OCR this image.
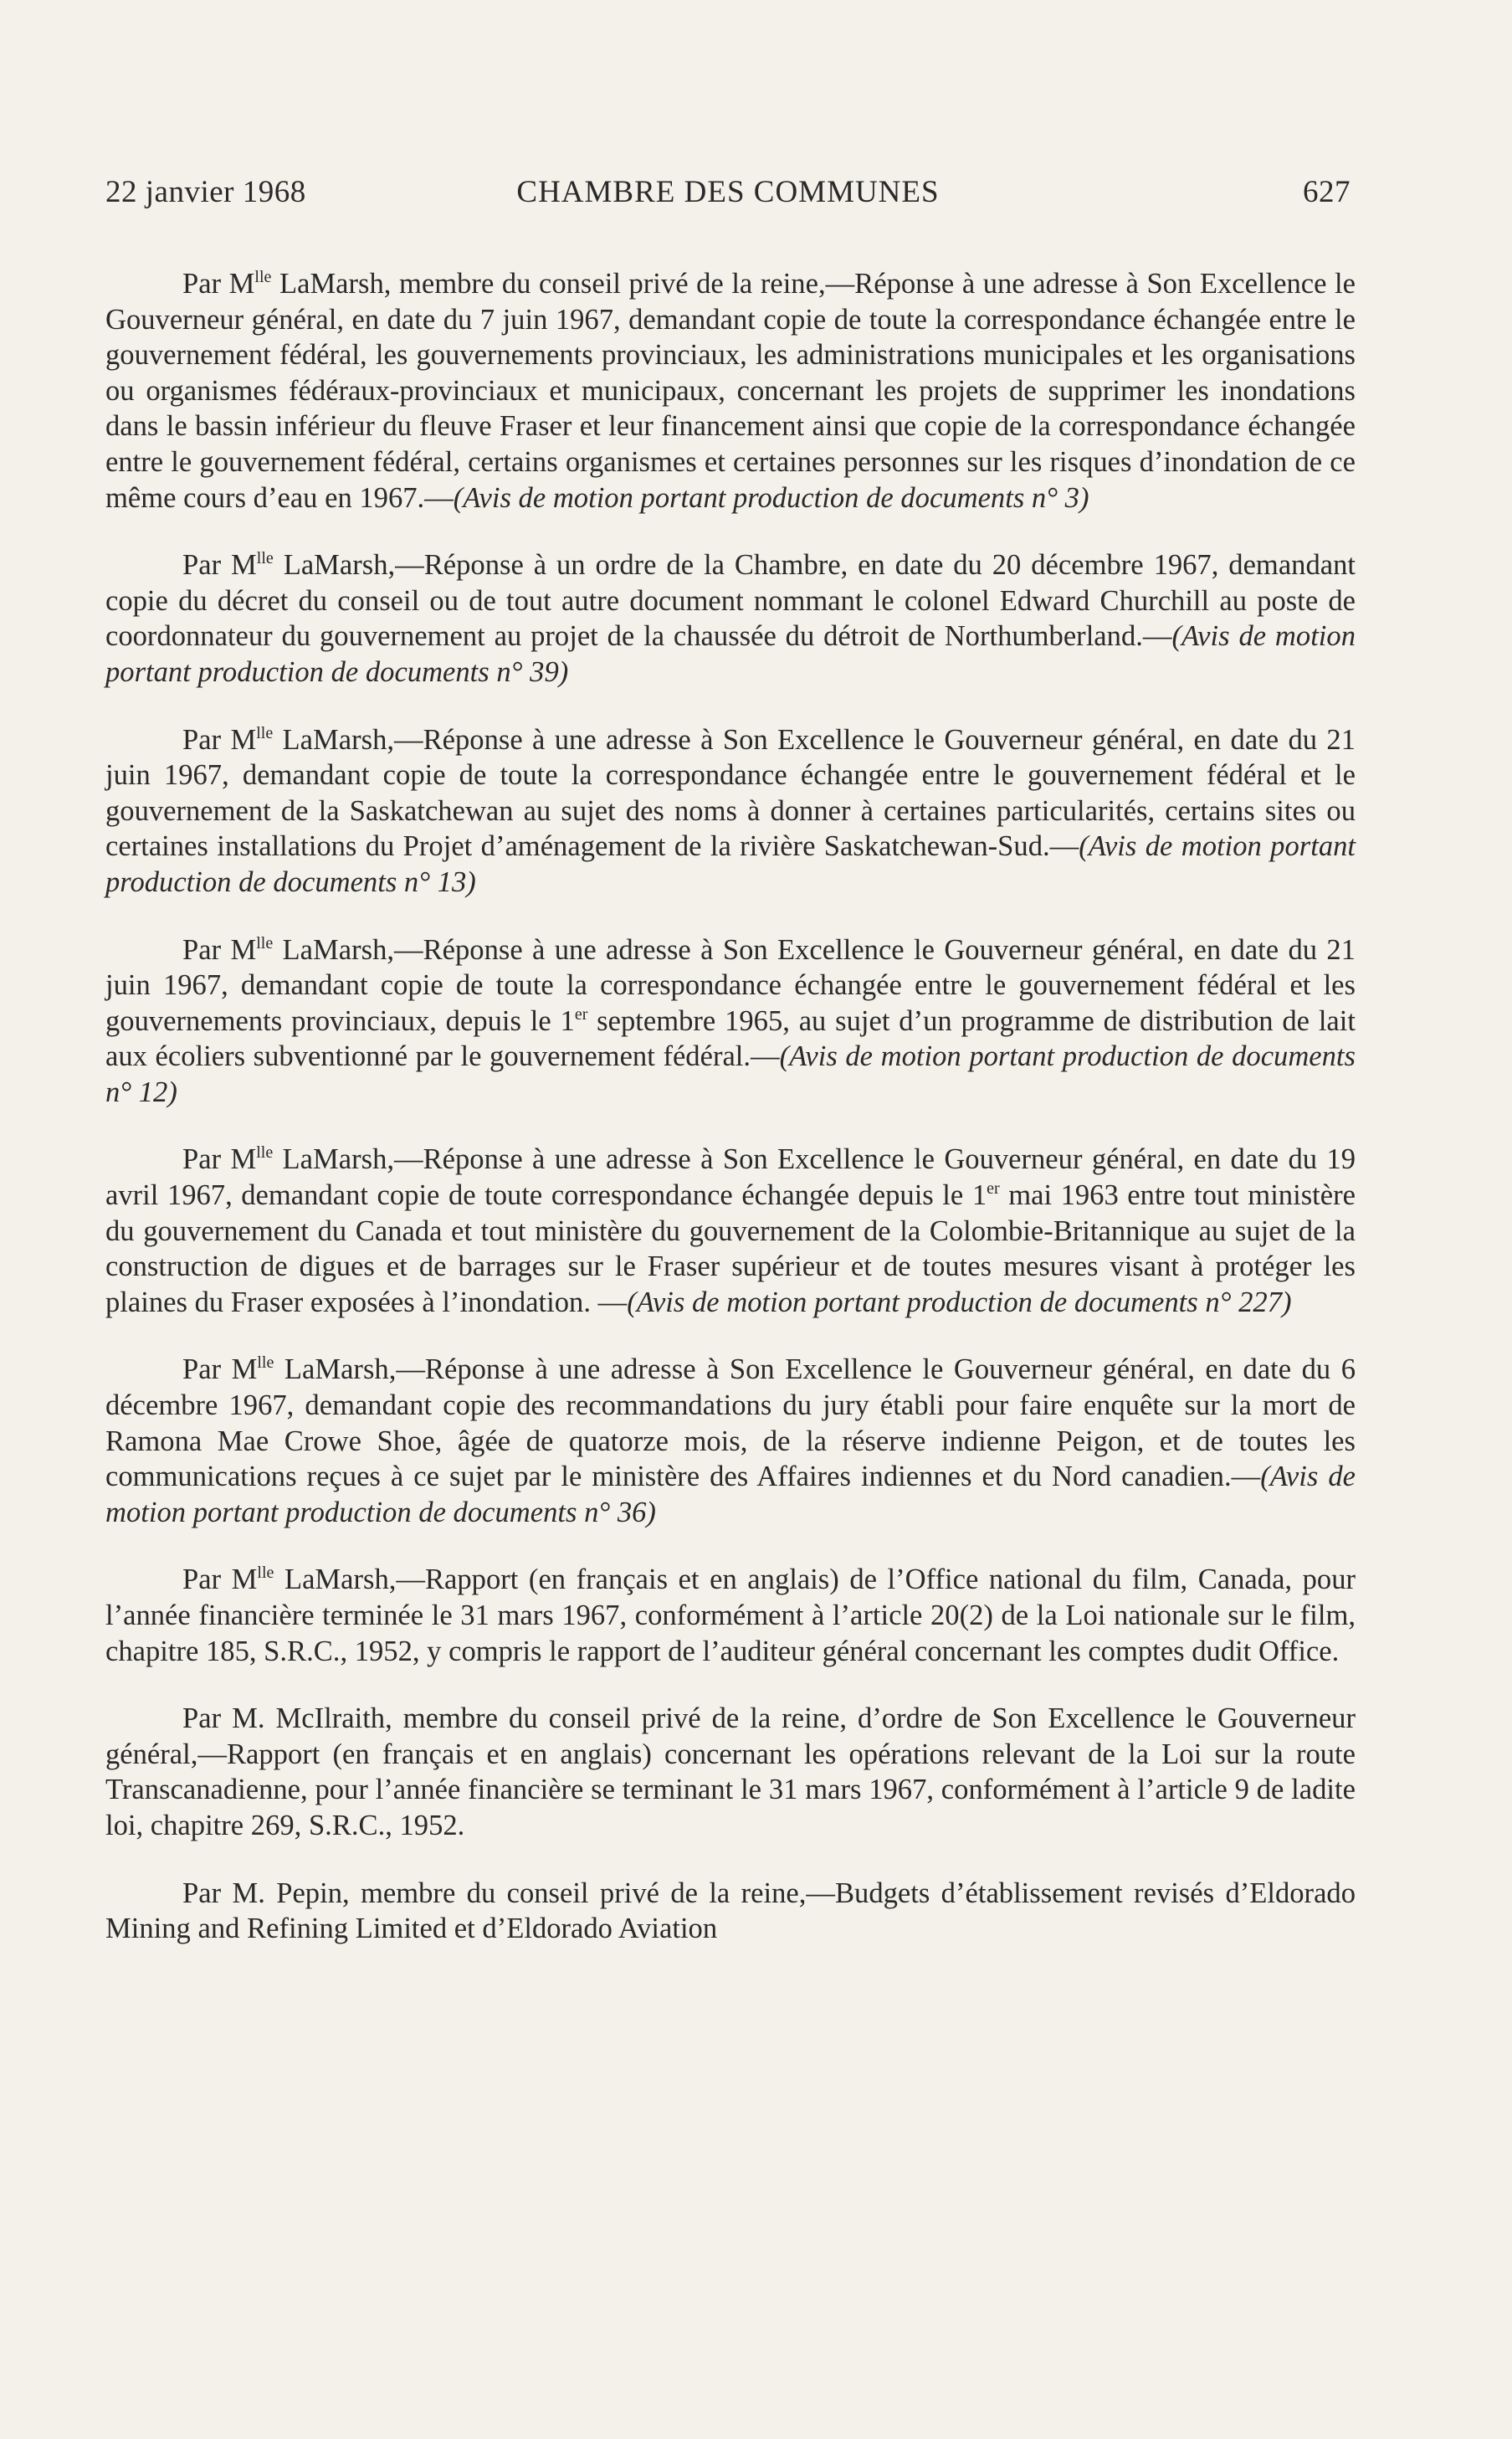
22 janvier 1968	CHAMBRE DES COMMUNES	627

Par $M^{lle}$ LaMarsh, membre du conseil privé de la reine,—Réponse à une adresse à Son Excellence le Gouverneur général, en date du 7 juin 1967, demandant copie de toute la correspondance échangée entre le gouvernement fédéral, les gouvernements provinciaux, les administrations municipales et les organisations ou organismes fédéraux-provinciaux et municipaux, concernant les projets de supprimer les inondations dans le bassin inférieur du fleuve Fraser et leur financement ainsi que copie de la correspondance échangée entre le gouvernement fédéral, certains organismes et certaines personnes sur les risques d’inondation de ce même cours d’eau en 1967.—(Avis de motion portant production de documents n° 3)

Par $M^{lle}$ LaMarsh,—Réponse à un ordre de la Chambre, en date du 20 décembre 1967, demandant copie du décret du conseil ou de tout autre document nommant le colonel Edward Churchill au poste de coordonnateur du gouvernement au projet de la chaussée du détroit de Northumberland.—(Avis de motion portant production de documents n° 39)

Par $M^{lle}$ LaMarsh,—Réponse à une adresse à Son Excellence le Gouverneur général, en date du 21 juin 1967, demandant copie de toute la correspondance échangée entre le gouvernement fédéral et le gouvernement de la Saskatchewan au sujet des noms à donner à certaines particularités, certains sites ou certaines installations du Projet d’aménagement de la rivière Saskatchewan-Sud.—(Avis de motion portant production de documents n° 13)

Par $M^{lle}$ LaMarsh,—Réponse à une adresse à Son Excellence le Gouverneur général, en date du 21 juin 1967, demandant copie de toute la correspondance échangée entre le gouvernement fédéral et les gouvernements provinciaux, depuis le 1er septembre 1965, au sujet d’un programme de distribution de lait aux écoliers subventionné par le gouvernement fédéral.—(Avis de motion portant production de documents n° 12)

Par $M^{lle}$ LaMarsh,—Réponse à une adresse à Son Excellence le Gouverneur général, en date du 19 avril 1967, demandant copie de toute correspondance échangée depuis le 1er mai 1963 entre tout ministère du gouvernement du Canada et tout ministère du gouvernement de la Colombie-Britannique au sujet de la construction de digues et de barrages sur le Fraser supérieur et de toutes mesures visant à protéger les plaines du Fraser exposées à l’inondation. —(Avis de motion portant production de documents n° 227)

Par $M^{lle}$ LaMarsh,—Réponse à une adresse à Son Excellence le Gouverneur général, en date du 6 décembre 1967, demandant copie des recommandations du jury établi pour faire enquête sur la mort de Ramona Mae Crowe Shoe, âgée de quatorze mois, de la réserve indienne Peigon, et de toutes les communications reçues à ce sujet par le ministère des Affaires indiennes et du Nord canadien.—(Avis de motion portant production de documents n° 36)

Par $M^{lle}$ LaMarsh,—Rapport (en français et en anglais) de l’Office national du film, Canada, pour l’année financière terminée le 31 mars 1967, conformément à l’article 20(2) de la Loi nationale sur le film, chapitre 185, S.R.C., 1952, y compris le rapport de l’auditeur général concernant les comptes dudit Office.

Par M. McIlraith, membre du conseil privé de la reine, d’ordre de Son Excellence le Gouverneur général,—Rapport (en français et en anglais) concernant les opérations relevant de la Loi sur la route Transcanadienne, pour l’année financière se terminant le 31 mars 1967, conformément à l’article 9 de ladite loi, chapitre 269, S.R.C., 1952.

Par M. Pepin, membre du conseil privé de la reine,—Budgets d’établissement revisés d’Eldorado Mining and Refining Limited et d’Eldorado Aviation
